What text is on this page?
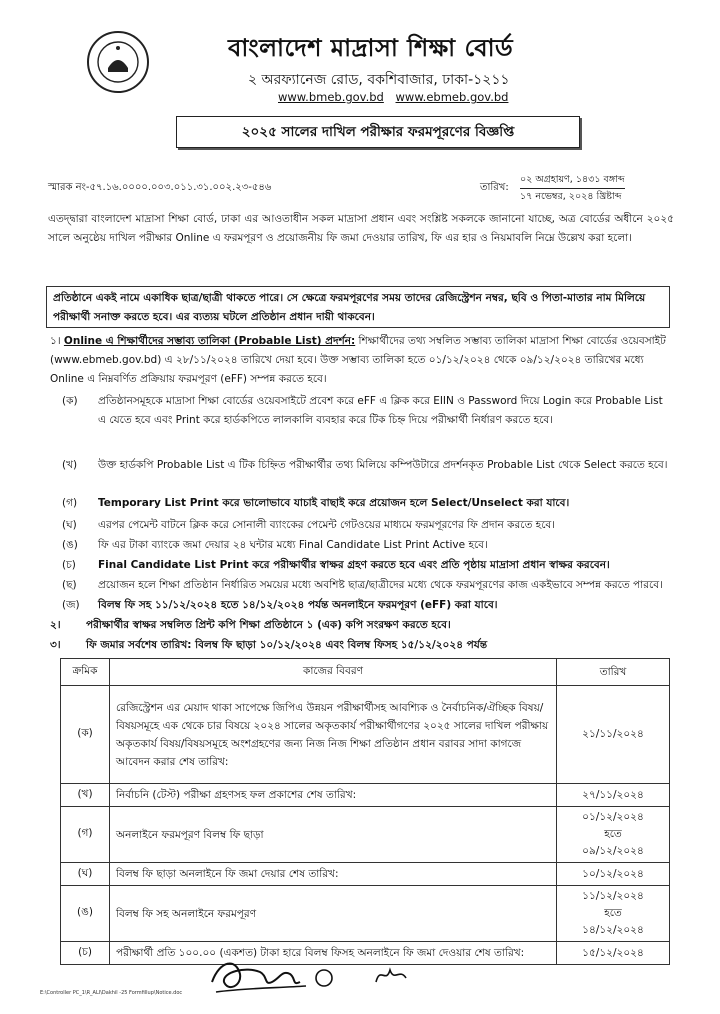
বাংলাদেশ মাদ্রাসা শিক্ষা বোর্ড
২ অরফ্যানেজ রোড, বকশিবাজার, ঢাকা-১২১১
www.bmeb.gov.bd www.ebmeb.gov.bd
২০২৫ সালের দাখিল পরীক্ষার ফরমপূরণের বিজ্ঞপ্তি
স্মারক নং-৫৭.১৬.০০০০.০০৩.০১১.৩১.০০২.২৩-৫৪৬	তারিখ:
০২ অগ্রহায়ণ, ১৪৩১ বঙ্গাব্দ
১৭ নভেম্বর, ২০২৪ খ্রিষ্টাব্দ
এতদ্দ্বারা বাংলাদেশ মাদ্রাসা শিক্ষা বোর্ড, ঢাকা এর আওতাধীন সকল মাদ্রাসা প্রধান এবং সংশ্লিষ্ট সকলকে জানানো যাচ্ছে, অত্র বোর্ডের অধীনে ২০২৫ সালে অনুষ্ঠেয় দাখিল পরীক্ষার Online এ ফরমপূরণ ও প্রয়োজনীয় ফি জমা দেওয়ার তারিখ, ফি এর হার ও নিয়মাবলি নিম্নে উল্লেখ করা হলো।
প্রতিষ্ঠানে একই নামে একাধিক ছাত্র/ছাত্রী থাকতে পারে। সে ক্ষেত্রে ফরমপূরণের সময় তাদের রেজিস্ট্রেশন নম্বর, ছবি ও পিতা-মাতার নাম মিলিয়ে পরীক্ষার্থী সনাক্ত করতে হবে। এর ব্যত্যয় ঘটলে প্রতিষ্ঠান প্রধান দায়ী থাকবেন।
১। Online এ শিক্ষার্থীদের সম্ভাব্য তালিকা (Probable List) প্রদর্শন: শিক্ষার্থীদের তথ্য সম্বলিত সম্ভাব্য তালিকা মাদ্রাসা শিক্ষা বোর্ডের ওয়েবসাইট (www.ebmeb.gov.bd) এ ২৮/১১/২০২৪ তারিখে দেয়া হবে। উক্ত সম্ভাব্য তালিকা হতে ০১/১২/২০২৪ থেকে ০৯/১২/২০২৪ তারিখের মধ্যে Online এ নিম্নবর্ণিত প্রক্রিয়ায় ফরমপূরণ (eFF) সম্পন্ন করতে হবে।
(ক)	প্রতিষ্ঠানসমূহকে মাদ্রাসা শিক্ষা বোর্ডের ওয়েবসাইটে প্রবেশ করে eFF এ ক্লিক করে EIIN ও Password দিয়ে Login করে Probable List এ যেতে হবে এবং Print করে হার্ডকপিতে লালকালি ব্যবহার করে টিক চিহ্ন দিয়ে পরীক্ষার্থী নির্ধারণ করতে হবে।
(খ)	উক্ত হার্ডকপি Probable List এ টিক চিহ্নিত পরীক্ষার্থীর তথ্য মিলিয়ে কম্পিউটারে প্রদর্শনকৃত Probable List থেকে Select করতে হবে।
(গ)	Temporary List Print করে ভালোভাবে যাচাই বাছাই করে প্রয়োজন হলে Select/Unselect করা যাবে।
(ঘ)	এরপর পেমেন্ট বাটনে ক্লিক করে সোনালী ব্যাংকের পেমেন্ট গেটওয়ের মাধ্যমে ফরমপূরণের ফি প্রদান করতে হবে।
(ঙ)	ফি এর টাকা ব্যাংকে জমা দেয়ার ২৪ ঘন্টার মধ্যে Final Candidate List Print Active হবে।
(চ)	Final Candidate List Print করে পরীক্ষার্থীর স্বাক্ষর গ্রহণ করতে হবে এবং প্রতি পৃষ্ঠায় মাদ্রাসা প্রধান স্বাক্ষর করবেন।
(ছ)	প্রয়োজন হলে শিক্ষা প্রতিষ্ঠান নির্ধারিত সময়ের মধ্যে অবশিষ্ট ছাত্র/ছাত্রীদের মধ্যে থেকে ফরমপূরণের কাজ একইভাবে সম্পন্ন করতে পারবে।
(জ)	বিলম্ব ফি সহ ১১/১২/২০২৪ হতে ১৪/১২/২০২৪ পর্যন্ত অনলাইনে ফরমপূরণ (eFF) করা যাবে।
২।	পরীক্ষার্থীর স্বাক্ষর সম্বলিত প্রিন্ট কপি শিক্ষা প্রতিষ্ঠানে ১ (এক) কপি সংরক্ষণ করতে হবে।
৩।	ফি জমার সর্বশেষ তারিখ: বিলম্ব ফি ছাড়া ১০/১২/২০২৪ এবং বিলম্ব ফিসহ ১৫/১২/২০২৪ পর্যন্ত
ক্রমিক	কাজের বিবরণ	তারিখ
(ক)	রেজিস্ট্রেশন এর মেয়াদ থাকা সাপেক্ষে জিপিএ উন্নয়ন পরীক্ষার্থীসহ আবশ্যিক ও নৈর্বাচনিক/ঐচ্ছিক বিষয়/বিষয়সমূহে এক থেকে চার বিষয়ে ২০২৪ সালের অকৃতকার্য পরীক্ষার্থীগণের ২০২৫ সালের দাখিল পরীক্ষায় অকৃতকার্য বিষয়/বিষয়সমূহে অংশগ্রহণের জন্য নিজ নিজ শিক্ষা প্রতিষ্ঠান প্রধান বরাবর সাদা কাগজে আবেদন করার শেষ তারিখ:	২১/১১/২০২৪

(খ)	নির্বাচনি (টেস্ট) পরীক্ষা গ্রহণসহ ফল প্রকাশের শেষ তারিখ:	২৭/১১/২০২৪

(গ)	অনলাইনে ফরমপূরণ বিলম্ব ফি ছাড়া	০১/১২/২০২৪
হতে
০৯/১২/২০২৪

(ঘ)	বিলম্ব ফি ছাড়া অনলাইনে ফি জমা দেয়ার শেষ তারিখ:	১০/১২/২০২৪

(ঙ)	বিলম্ব ফি সহ অনলাইনে ফরমপূরণ	১১/১২/২০২৪
হতে
১৪/১২/২০২৪

(চ)	পরীক্ষার্থী প্রতি ১০০.০০ (একশত) টাকা হারে বিলম্ব ফিসহ অনলাইনে ফি জমা দেওয়ার শেষ তারিখ:	১৫/১২/২০২৪
E:\Controller PC_1\R_ALI\Dakhil -25 Formfillup\Notice.doc
